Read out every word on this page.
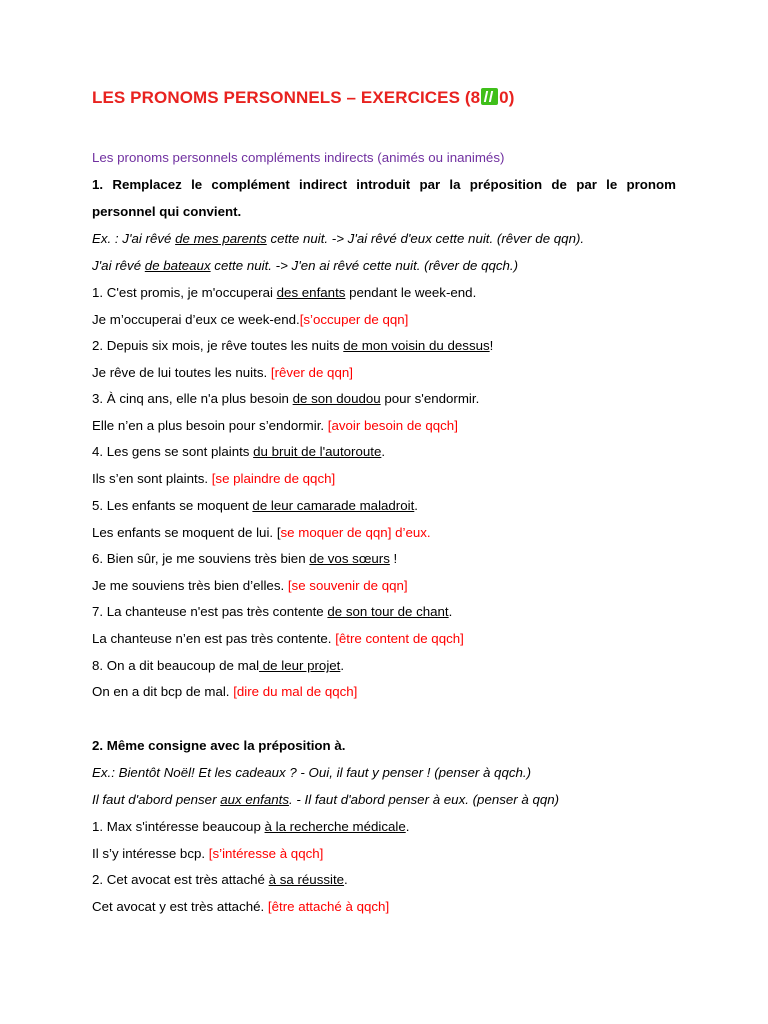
LES PRONOMS PERSONNELS – EXERCICES (8 0)
Les pronoms personnels compléments indirects (animés ou inanimés)
1. Remplacez le complément indirect introduit par la préposition de par le pronom
personnel qui convient.
Ex. : J'ai rêvé de mes parents cette nuit. -> J'ai rêvé d'eux cette nuit. (rêver de qqn).
J'ai rêvé de bateaux cette nuit. -> J'en ai rêvé cette nuit. (rêver de qqch.)
1. C'est promis, je m'occuperai des enfants pendant le week-end.
Je m’occuperai d’eux ce week-end.[s’occuper de qqn]
2. Depuis six mois, je rêve toutes les nuits de mon voisin du dessus!
Je rêve de lui toutes les nuits. [rêver de qqn]
3. À cinq ans, elle n'a plus besoin de son doudou pour s'endormir.
Elle n’en a plus besoin pour s’endormir. [avoir besoin de qqch]
4. Les gens se sont plaints du bruit de l'autoroute.
Ils s’en sont plaints. [se plaindre de qqch]
5. Les enfants se moquent de leur camarade maladroit.
Les enfants se moquent de lui. [se moquer de qqn] d’eux.
6. Bien sûr, je me souviens très bien de vos sœurs !
Je me souviens très bien d’elles. [se souvenir de qqn]
7. La chanteuse n'est pas très contente de son tour de chant.
La chanteuse n’en est pas très contente. [être content de qqch]
8. On a dit beaucoup de mal de leur projet.
On en a dit bcp de mal. [dire du mal de qqch]
2. Même consigne avec la préposition à.
Ex.: Bientôt Noël! Et les cadeaux ? - Oui, il faut y penser ! (penser à qqch.)
Il faut d'abord penser aux enfants. - Il faut d'abord penser à eux. (penser à qqn)
1. Max s'intéresse beaucoup à la recherche médicale.
Il s’y intéresse bcp. [s’intéresse à qqch]
2. Cet avocat est très attaché à sa réussite.
Cet avocat y est très attaché. [être attaché à qqch]
